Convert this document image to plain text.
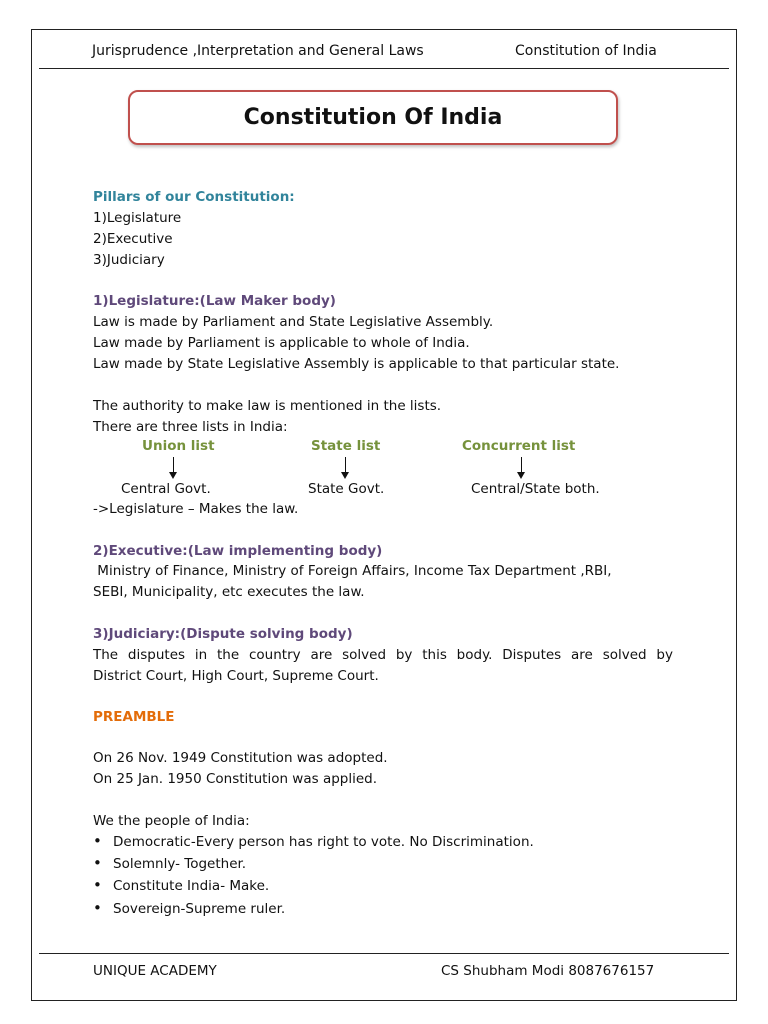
Jurisprudence ,Interpretation and General Laws	Constitution of India
Constitution Of India
Pillars of our Constitution:
1)Legislature
2)Executive
3)Judiciary
1)Legislature:(Law Maker body)
Law is made by Parliament and State Legislative Assembly.
Law made by Parliament is applicable to whole of India.
Law made by State Legislative Assembly is applicable to that particular state.
The authority to make law is mentioned in the lists.
There are three lists in India:
Union list	State list	Concurrent list
Central Govt.	State Govt.	Central/State both.
->Legislature – Makes the law.
2)Executive:(Law implementing body)
Ministry of Finance, Ministry of Foreign Affairs, Income Tax Department ,RBI,
SEBI, Municipality, etc executes the law.
3)Judiciary:(Dispute solving body)
The disputes in the country are solved by this body. Disputes are solved by
District Court, High Court, Supreme Court.
PREAMBLE
On 26 Nov. 1949 Constitution was adopted.
On 25 Jan. 1950 Constitution was applied.
We the people of India:
• Democratic-Every person has right to vote. No Discrimination.
• Solemnly- Together.
• Constitute India- Make.
• Sovereign-Supreme ruler.
UNIQUE ACADEMY	CS Shubham Modi 8087676157
